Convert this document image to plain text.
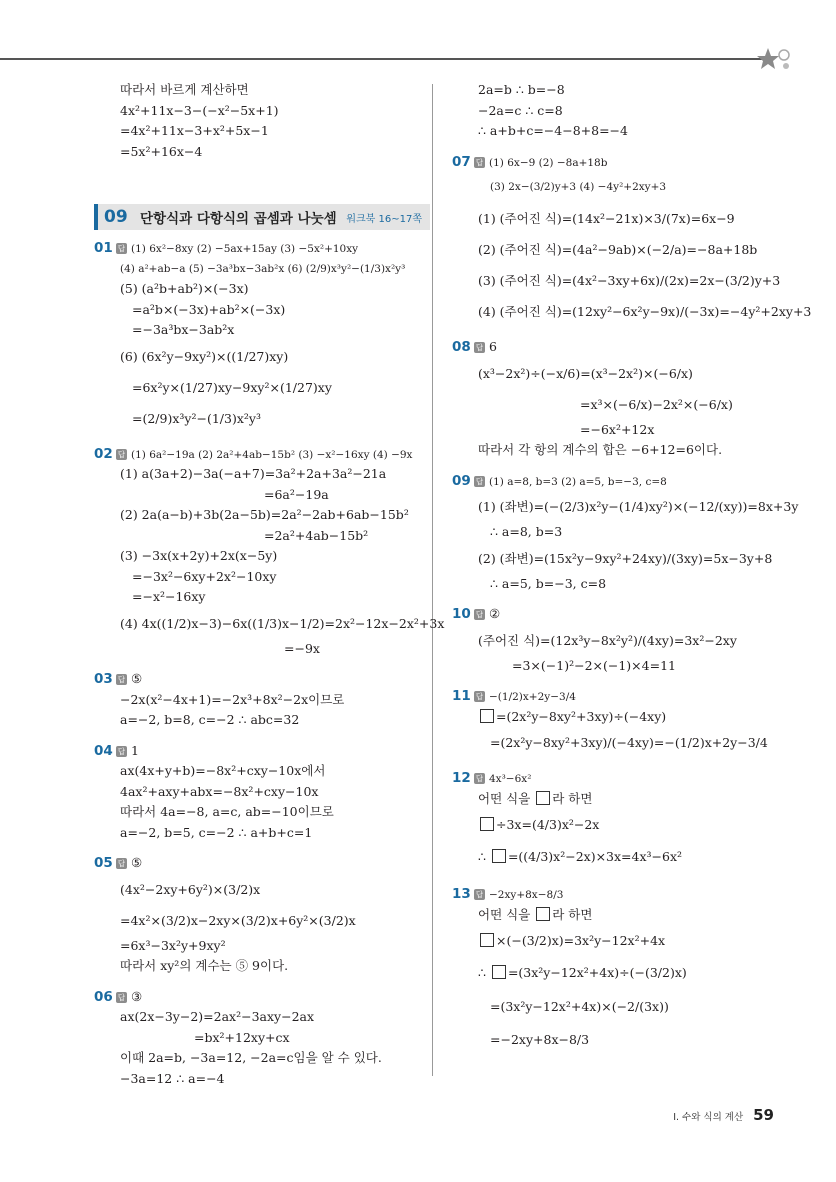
따라서 바르게 계산하면
4x²+11x−3−(−x²−5x+1)
=4x²+11x−3+x²+5x−1
=5x²+16x−4
09 단항식과 다항식의 곱셈과 나눗셈 워크북 16~17쪽
01 답 (1) 6x²−8xy (2) −5ax+15ay (3) −5x²+10xy
(4) a²+ab−a (5) −3a³bx−3ab²x (6) (2/9)x³y²−(1/3)x²y³
(5) (a²b+ab²)×(−3x)
=a²b×(−3x)+ab²×(−3x)
=−3a³bx−3ab²x
(6) (6x²y−9xy²)×((1/27)xy)
=6x²y×(1/27)xy−9xy²×(1/27)xy
=(2/9)x³y²−(1/3)x²y³
02 답 (1) 6a²−19a (2) 2a²+4ab−15b² (3) −x²−16xy (4) −9x
(1) a(3a+2)−3a(−a+7)=3a²+2a+3a²−21a
=6a²−19a
(2) 2a(a−b)+3b(2a−5b)=2a²−2ab+6ab−15b²
=2a²+4ab−15b²
(3) −3x(x+2y)+2x(x−5y)
=−3x²−6xy+2x²−10xy
=−x²−16xy
(4) 4x((1/2)x−3)−6x((1/3)x−1/2)=2x²−12x−2x²+3x
=−9x
03 답 ⑤
−2x(x²−4x+1)=−2x³+8x²−2x이므로
a=−2, b=8, c=−2 ∴ abc=32
04 답 1
ax(4x+y+b)=−8x²+cxy−10x에서
4ax²+axy+abx=−8x²+cxy−10x
따라서 4a=−8, a=c, ab=−10이므로
a=−2, b=5, c=−2 ∴ a+b+c=1
05 답 ⑤
(4x²−2xy+6y²)×(3/2)x
=4x²×(3/2)x−2xy×(3/2)x+6y²×(3/2)x
=6x³−3x²y+9xy²
따라서 xy²의 계수는 ⑤ 9이다.
06 답 ③
ax(2x−3y−2)=2ax²−3axy−2ax
=bx²+12xy+cx
이때 2a=b, −3a=12, −2a=c임을 알 수 있다.
−3a=12 ∴ a=−4
2a=b ∴ b=−8
−2a=c ∴ c=8
∴ a+b+c=−4−8+8=−4
07 답 (1) 6x−9 (2) −8a+18b
(3) 2x−(3/2)y+3 (4) −4y²+2xy+3
(1) (주어진 식)=(14x²−21x)×3/(7x)=6x−9
(2) (주어진 식)=(4a²−9ab)×(−2/a)=−8a+18b
(3) (주어진 식)=(4x²−3xy+6x)/(2x)=2x−(3/2)y+3
(4) (주어진 식)=(12xy²−6x²y−9x)/(−3x)=−4y²+2xy+3
08 답 6
(x³−2x²)÷(−x/6)=(x³−2x²)×(−6/x)
=x³×(−6/x)−2x²×(−6/x)
=−6x²+12x
따라서 각 항의 계수의 합은 −6+12=6이다.
09 답 (1) a=8, b=3 (2) a=5, b=−3, c=8
(1) (좌변)=(−(2/3)x²y−(1/4)xy²)×(−12/(xy))=8x+3y
∴ a=8, b=3
(2) (좌변)=(15x²y−9xy²+24xy)/(3xy)=5x−3y+8
∴ a=5, b=−3, c=8
10 답 ②
(주어진 식)=(12x³y−8x²y²)/(4xy)=3x²−2xy
=3×(−1)²−2×(−1)×4=11
11 답 −(1/2)x+2y−3/4
=(2x²y−8xy²+3xy)÷(−4xy)
=(2x²y−8xy²+3xy)/(−4xy)=−(1/2)x+2y−3/4
12 답 4x³−6x²
어떤 식을 라 하면
÷3x=(4/3)x²−2x
∴ =((4/3)x²−2x)×3x=4x³−6x²
13 답 −2xy+8x−8/3
어떤 식을 라 하면
×(−(3/2)x)=3x²y−12x²+4x
∴ =(3x²y−12x²+4x)÷(−(3/2)x)
=(3x²y−12x²+4x)×(−2/(3x))
=−2xy+8x−8/3
Ⅰ. 수와 식의 계산 59
